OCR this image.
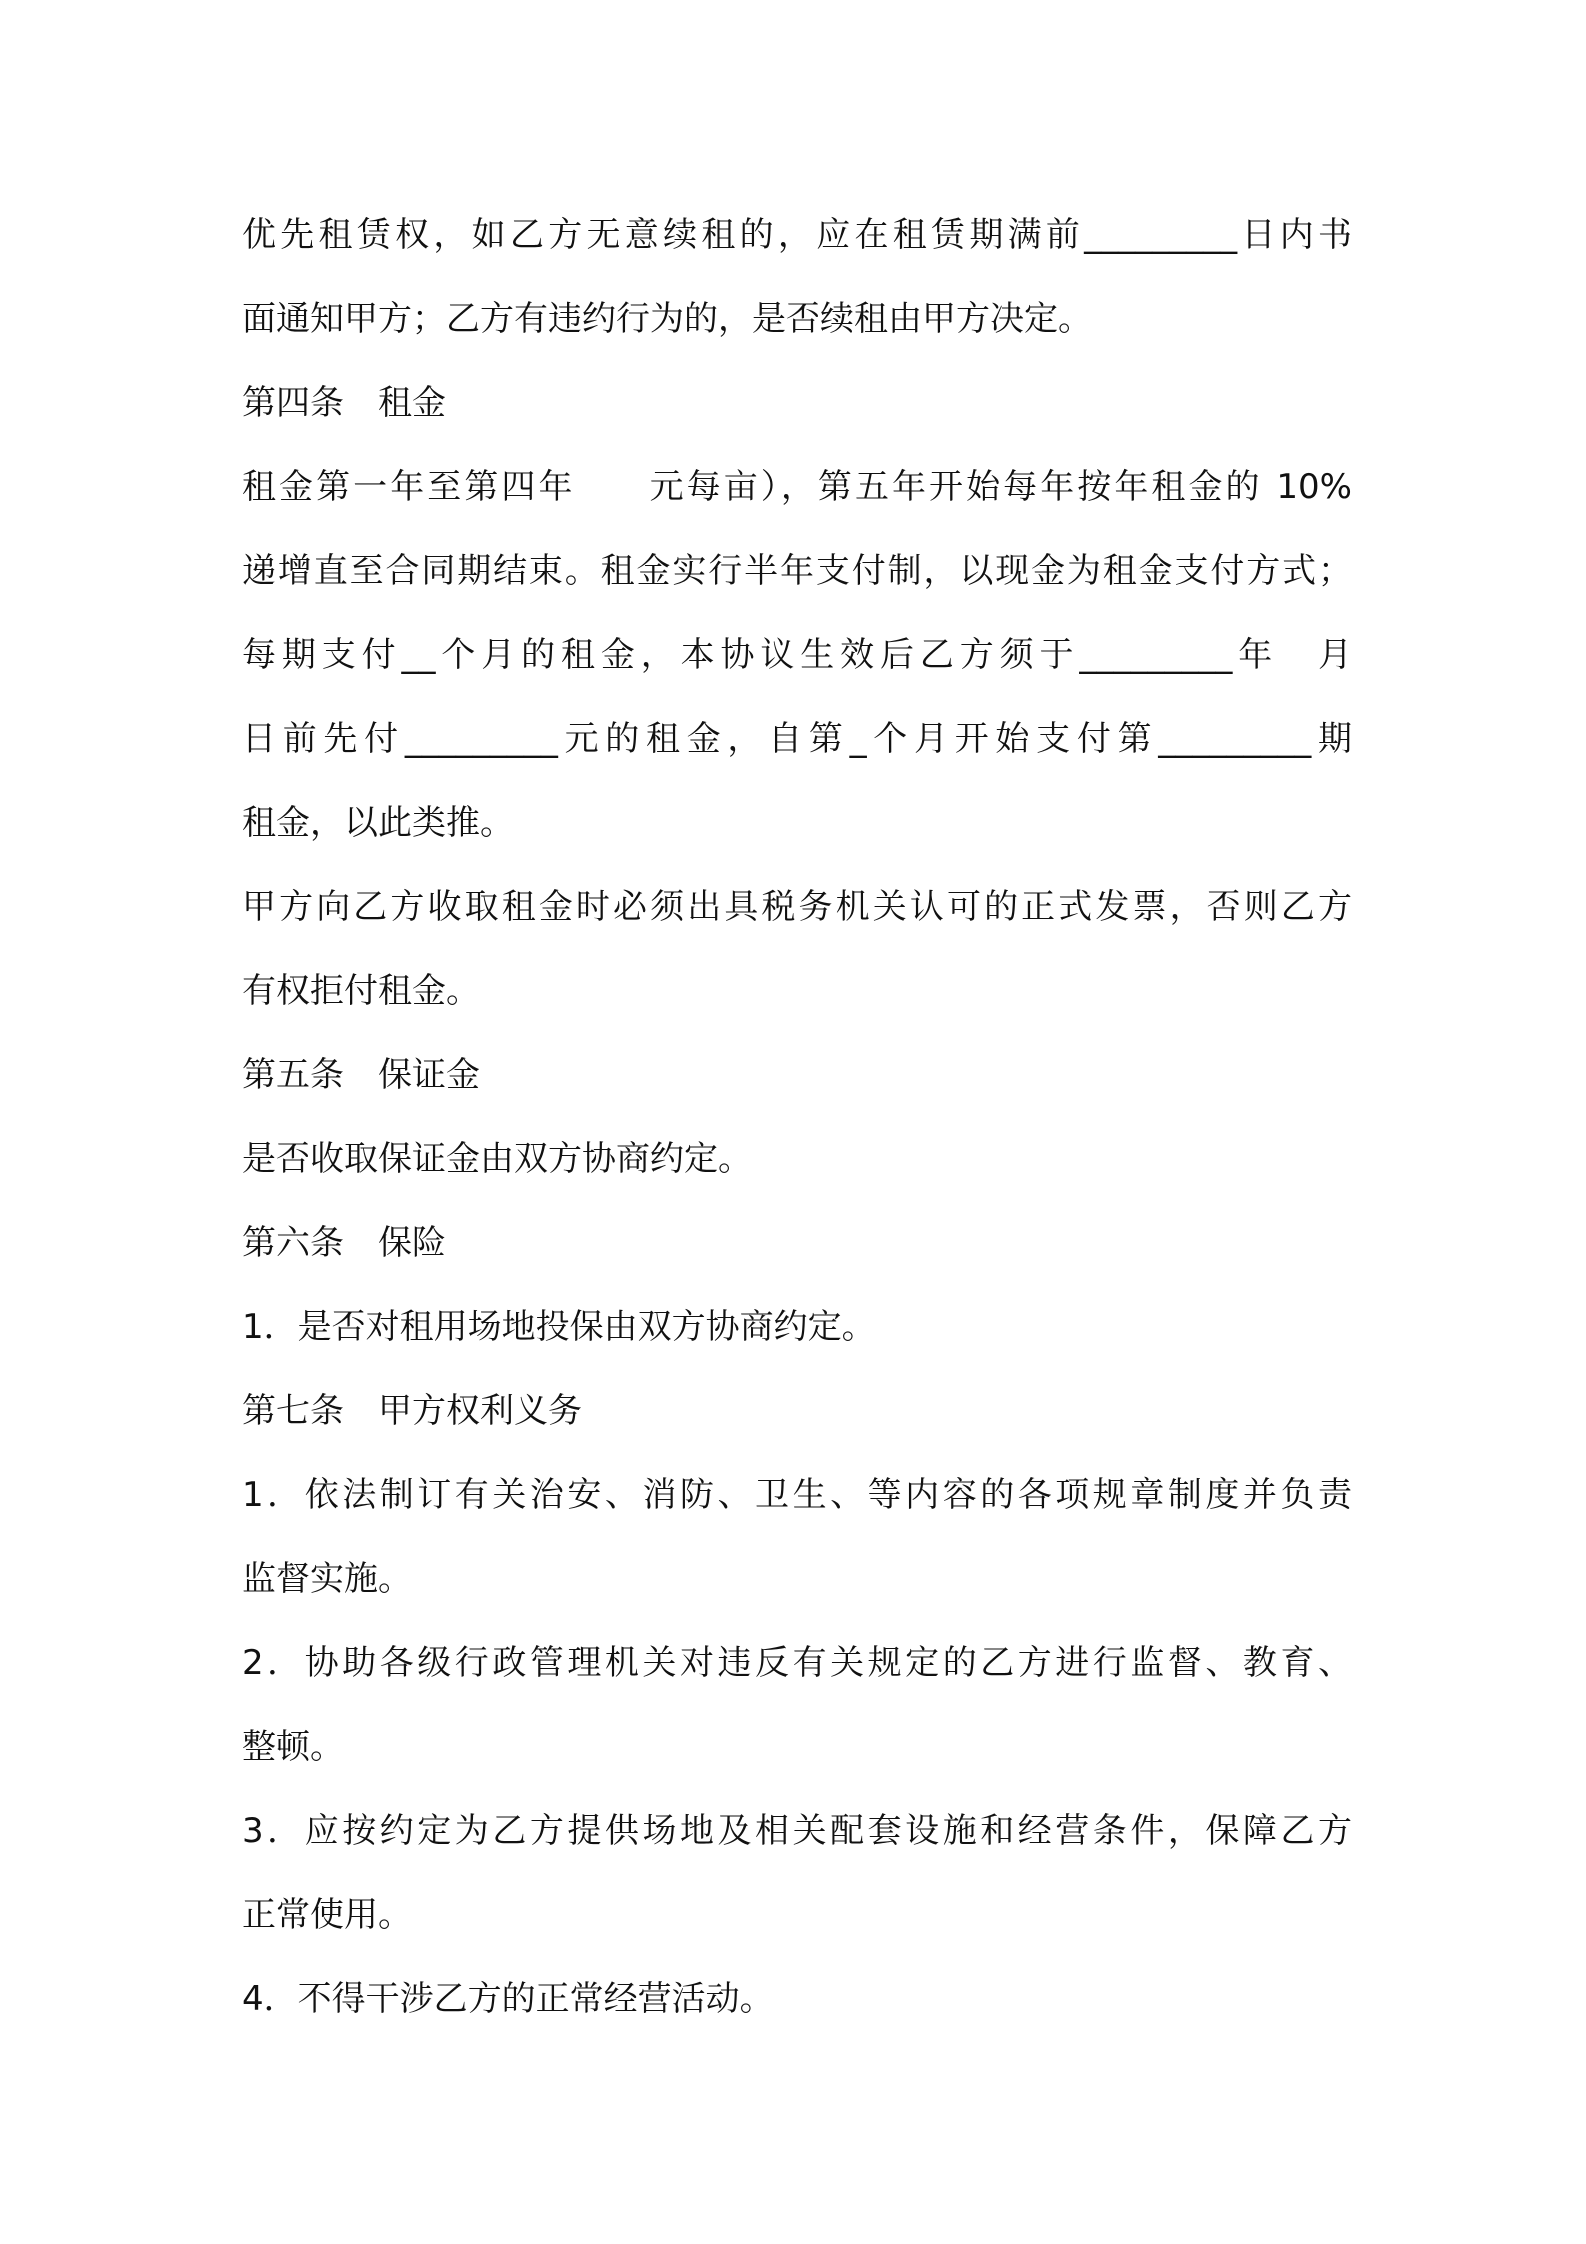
优先租赁权，如乙方无意续租的，应在租赁期满前_________日内书
面通知甲方；乙方有违约行为的，是否续租由甲方决定。
第四条　租金
租金第一年至第四年　　元每亩），第五年开始每年按年租金的 10%
递增直至合同期结束。租金实行半年支付制，以现金为租金支付方式；
每期支付__个月的租金，本协议生效后乙方须于_________年　月
日前先付_________元的租金，自第_个月开始支付第_________期
租金，以此类推。
甲方向乙方收取租金时必须出具税务机关认可的正式发票，否则乙方
有权拒付租金。
第五条　保证金
是否收取保证金由双方协商约定。
第六条　保险
1．是否对租用场地投保由双方协商约定。
第七条　甲方权利义务
1．依法制订有关治安、消防、卫生、等内容的各项规章制度并负责
监督实施。
2．协助各级行政管理机关对违反有关规定的乙方进行监督、教育、
整顿。
3．应按约定为乙方提供场地及相关配套设施和经营条件，保障乙方
正常使用。
4．不得干涉乙方的正常经营活动。
